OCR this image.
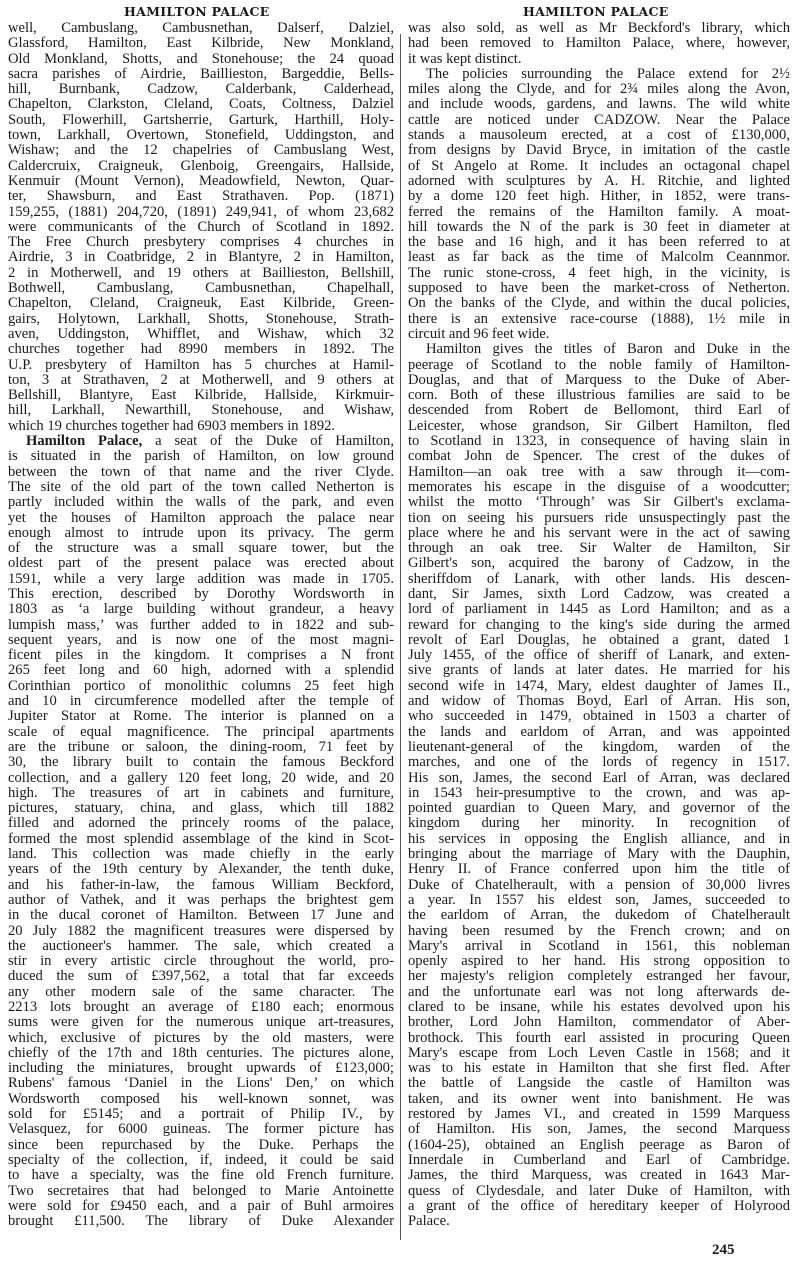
HAMILTON PALACE	HAMILTON PALACE
well, Cambuslang, Cambusnethan, Dalserf, Dalziel,
Glassford, Hamilton, East Kilbride, New Monkland,
Old Monkland, Shotts, and Stonehouse; the 24 quoad
sacra parishes of Airdrie, Baillieston, Bargeddie, Bells-
hill, Burnbank, Cadzow, Calderbank, Calderhead,
Chapelton, Clarkston, Cleland, Coats, Coltness, Dalziel
South, Flowerhill, Gartsherrie, Garturk, Harthill, Holy-
town, Larkhall, Overtown, Stonefield, Uddingston, and
Wishaw; and the 12 chapelries of Cambuslang West,
Caldercruix, Craigneuk, Glenboig, Greengairs, Hallside,
Kenmuir (Mount Vernon), Meadowfield, Newton, Quar-
ter, Shawsburn, and East Strathaven. Pop. (1871)
159,255, (1881) 204,720, (1891) 249,941, of whom 23,682
were communicants of the Church of Scotland in 1892.
The Free Church presbytery comprises 4 churches in
Airdrie, 3 in Coatbridge, 2 in Blantyre, 2 in Hamilton,
2 in Motherwell, and 19 others at Baillieston, Bellshill,
Bothwell, Cambuslang, Cambusnethan, Chapelhall,
Chapelton, Cleland, Craigneuk, East Kilbride, Green-
gairs, Holytown, Larkhall, Shotts, Stonehouse, Strath-
aven, Uddingston, Whifflet, and Wishaw, which 32
churches together had 8990 members in 1892. The
U.P. presbytery of Hamilton has 5 churches at Hamil-
ton, 3 at Strathaven, 2 at Motherwell, and 9 others at
Bellshill, Blantyre, East Kilbride, Hallside, Kirkmuir-
hill, Larkhall, Newarthill, Stonehouse, and Wishaw,
which 19 churches together had 6903 members in 1892.
Hamilton Palace, a seat of the Duke of Hamilton,
is situated in the parish of Hamilton, on low ground
between the town of that name and the river Clyde.
The site of the old part of the town called Netherton is
partly included within the walls of the park, and even
yet the houses of Hamilton approach the palace near
enough almost to intrude upon its privacy. The germ
of the structure was a small square tower, but the
oldest part of the present palace was erected about
1591, while a very large addition was made in 1705.
This erection, described by Dorothy Wordsworth in
1803 as ‘a large building without grandeur, a heavy
lumpish mass,’ was further added to in 1822 and sub-
sequent years, and is now one of the most magni-
ficent piles in the kingdom. It comprises a N front
265 feet long and 60 high, adorned with a splendid
Corinthian portico of monolithic columns 25 feet high
and 10 in circumference modelled after the temple of
Jupiter Stator at Rome. The interior is planned on a
scale of equal magnificence. The principal apartments
are the tribune or saloon, the dining-room, 71 feet by
30, the library built to contain the famous Beckford
collection, and a gallery 120 feet long, 20 wide, and 20
high. The treasures of art in cabinets and furniture,
pictures, statuary, china, and glass, which till 1882
filled and adorned the princely rooms of the palace,
formed the most splendid assemblage of the kind in Scot-
land. This collection was made chiefly in the early
years of the 19th century by Alexander, the tenth duke,
and his father-in-law, the famous William Beckford,
author of Vathek, and it was perhaps the brightest gem
in the ducal coronet of Hamilton. Between 17 June and
20 July 1882 the magnificent treasures were dispersed by
the auctioneer's hammer. The sale, which created a
stir in every artistic circle throughout the world, pro-
duced the sum of £397,562, a total that far exceeds
any other modern sale of the same character. The
2213 lots brought an average of £180 each; enormous
sums were given for the numerous unique art-treasures,
which, exclusive of pictures by the old masters, were
chiefly of the 17th and 18th centuries. The pictures alone,
including the miniatures, brought upwards of £123,000;
Rubens' famous ‘Daniel in the Lions' Den,’ on which
Wordsworth composed his well-known sonnet, was
sold for £5145; and a portrait of Philip IV., by
Velasquez, for 6000 guineas. The former picture has
since been repurchased by the Duke. Perhaps the
specialty of the collection, if, indeed, it could be said
to have a specialty, was the fine old French furniture.
Two secretaires that had belonged to Marie Antoinette
were sold for £9450 each, and a pair of Buhl armoires
brought £11,500. The library of Duke Alexander
was also sold, as well as Mr Beckford's library, which
had been removed to Hamilton Palace, where, however,
it was kept distinct.
The policies surrounding the Palace extend for 2½
miles along the Clyde, and for 2¾ miles along the Avon,
and include woods, gardens, and lawns. The wild white
cattle are noticed under CADZOW. Near the Palace
stands a mausoleum erected, at a cost of £130,000,
from designs by David Bryce, in imitation of the castle
of St Angelo at Rome. It includes an octagonal chapel
adorned with sculptures by A. H. Ritchie, and lighted
by a dome 120 feet high. Hither, in 1852, were trans-
ferred the remains of the Hamilton family. A moat-
hill towards the N of the park is 30 feet in diameter at
the base and 16 high, and it has been referred to at
least as far back as the time of Malcolm Ceannmor.
The runic stone-cross, 4 feet high, in the vicinity, is
supposed to have been the market-cross of Netherton.
On the banks of the Clyde, and within the ducal policies,
there is an extensive race-course (1888), 1½ mile in
circuit and 96 feet wide.
Hamilton gives the titles of Baron and Duke in the
peerage of Scotland to the noble family of Hamilton-
Douglas, and that of Marquess to the Duke of Aber-
corn. Both of these illustrious families are said to be
descended from Robert de Bellomont, third Earl of
Leicester, whose grandson, Sir Gilbert Hamilton, fled
to Scotland in 1323, in consequence of having slain in
combat John de Spencer. The crest of the dukes of
Hamilton—an oak tree with a saw through it—com-
memorates his escape in the disguise of a woodcutter;
whilst the motto ‘Through’ was Sir Gilbert's exclama-
tion on seeing his pursuers ride unsuspectingly past the
place where he and his servant were in the act of sawing
through an oak tree. Sir Walter de Hamilton, Sir
Gilbert's son, acquired the barony of Cadzow, in the
sheriffdom of Lanark, with other lands. His descen-
dant, Sir James, sixth Lord Cadzow, was created a
lord of parliament in 1445 as Lord Hamilton; and as a
reward for changing to the king's side during the armed
revolt of Earl Douglas, he obtained a grant, dated 1
July 1455, of the office of sheriff of Lanark, and exten-
sive grants of lands at later dates. He married for his
second wife in 1474, Mary, eldest daughter of James II.,
and widow of Thomas Boyd, Earl of Arran. His son,
who succeeded in 1479, obtained in 1503 a charter of
the lands and earldom of Arran, and was appointed
lieutenant-general of the kingdom, warden of the
marches, and one of the lords of regency in 1517.
His son, James, the second Earl of Arran, was declared
in 1543 heir-presumptive to the crown, and was ap-
pointed guardian to Queen Mary, and governor of the
kingdom during her minority. In recognition of
his services in opposing the English alliance, and in
bringing about the marriage of Mary with the Dauphin,
Henry II. of France conferred upon him the title of
Duke of Chatelherault, with a pension of 30,000 livres
a year. In 1557 his eldest son, James, succeeded to
the earldom of Arran, the dukedom of Chatelherault
having been resumed by the French crown; and on
Mary's arrival in Scotland in 1561, this nobleman
openly aspired to her hand. His strong opposition to
her majesty's religion completely estranged her favour,
and the unfortunate earl was not long afterwards de-
clared to be insane, while his estates devolved upon his
brother, Lord John Hamilton, commendator of Aber-
brothock. This fourth earl assisted in procuring Queen
Mary's escape from Loch Leven Castle in 1568; and it
was to his estate in Hamilton that she first fled. After
the battle of Langside the castle of Hamilton was
taken, and its owner went into banishment. He was
restored by James VI., and created in 1599 Marquess
of Hamilton. His son, James, the second Marquess
(1604-25), obtained an English peerage as Baron of
Innerdale in Cumberland and Earl of Cambridge.
James, the third Marquess, was created in 1643 Mar-
quess of Clydesdale, and later Duke of Hamilton, with
a grant of the office of hereditary keeper of Holyrood
Palace.
245
